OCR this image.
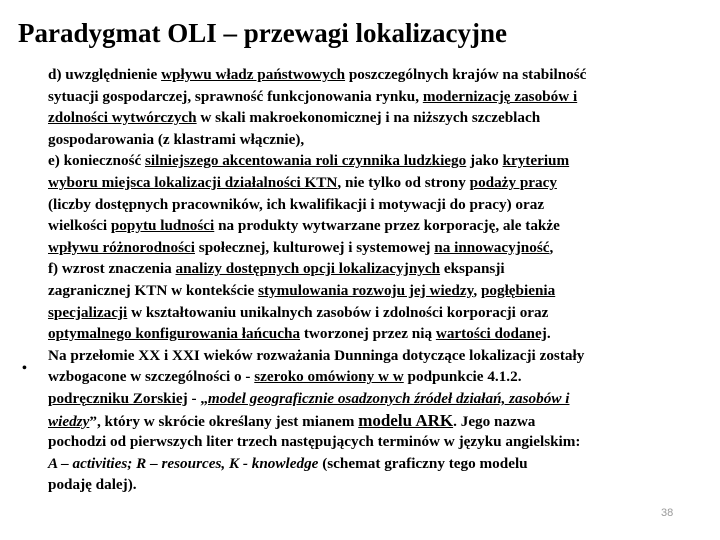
Paradygmat OLI – przewagi lokalizacyjne
•
d) uwzględnienie wpływu władz państwowych poszczególnych krajów na stabilność
sytuacji gospodarczej, sprawność funkcjonowania rynku, modernizację zasobów i
zdolności wytwórczych w skali makroekonomicznej i na niższych szczeblach
gospodarowania (z klastrami włącznie),
e) konieczność silniejszego akcentowania roli czynnika ludzkiego jako kryterium
wyboru miejsca lokalizacji działalności KTN, nie tylko od strony podaży pracy
(liczby dostępnych pracowników, ich kwalifikacji i motywacji do pracy) oraz
wielkości popytu ludności na produkty wytwarzane przez korporację, ale także
wpływu różnorodności społecznej, kulturowej i systemowej na innowacyjność,
f) wzrost znaczenia analizy dostępnych opcji lokalizacyjnych ekspansji
zagranicznej KTN w kontekście stymulowania rozwoju jej wiedzy, pogłębienia
specjalizacji w kształtowaniu unikalnych zasobów i zdolności korporacji oraz
optymalnego konfigurowania łańcucha tworzonej przez nią wartości dodanej.
Na przełomie XX i XXI wieków rozważania Dunninga dotyczące lokalizacji zostały
wzbogacone w szczególności o - szeroko omówiony w w podpunkcie 4.1.2.
podręczniku Zorskiej - „model geograficznie osadzonych źródeł działań, zasobów i
wiedzy”, który w skrócie określany jest mianem modelu ARK. Jego nazwa
pochodzi od pierwszych liter trzech następujących terminów w języku angielskim:
A – activities; R – resources, K - knowledge (schemat graficzny tego modelu
podaję dalej).
38
